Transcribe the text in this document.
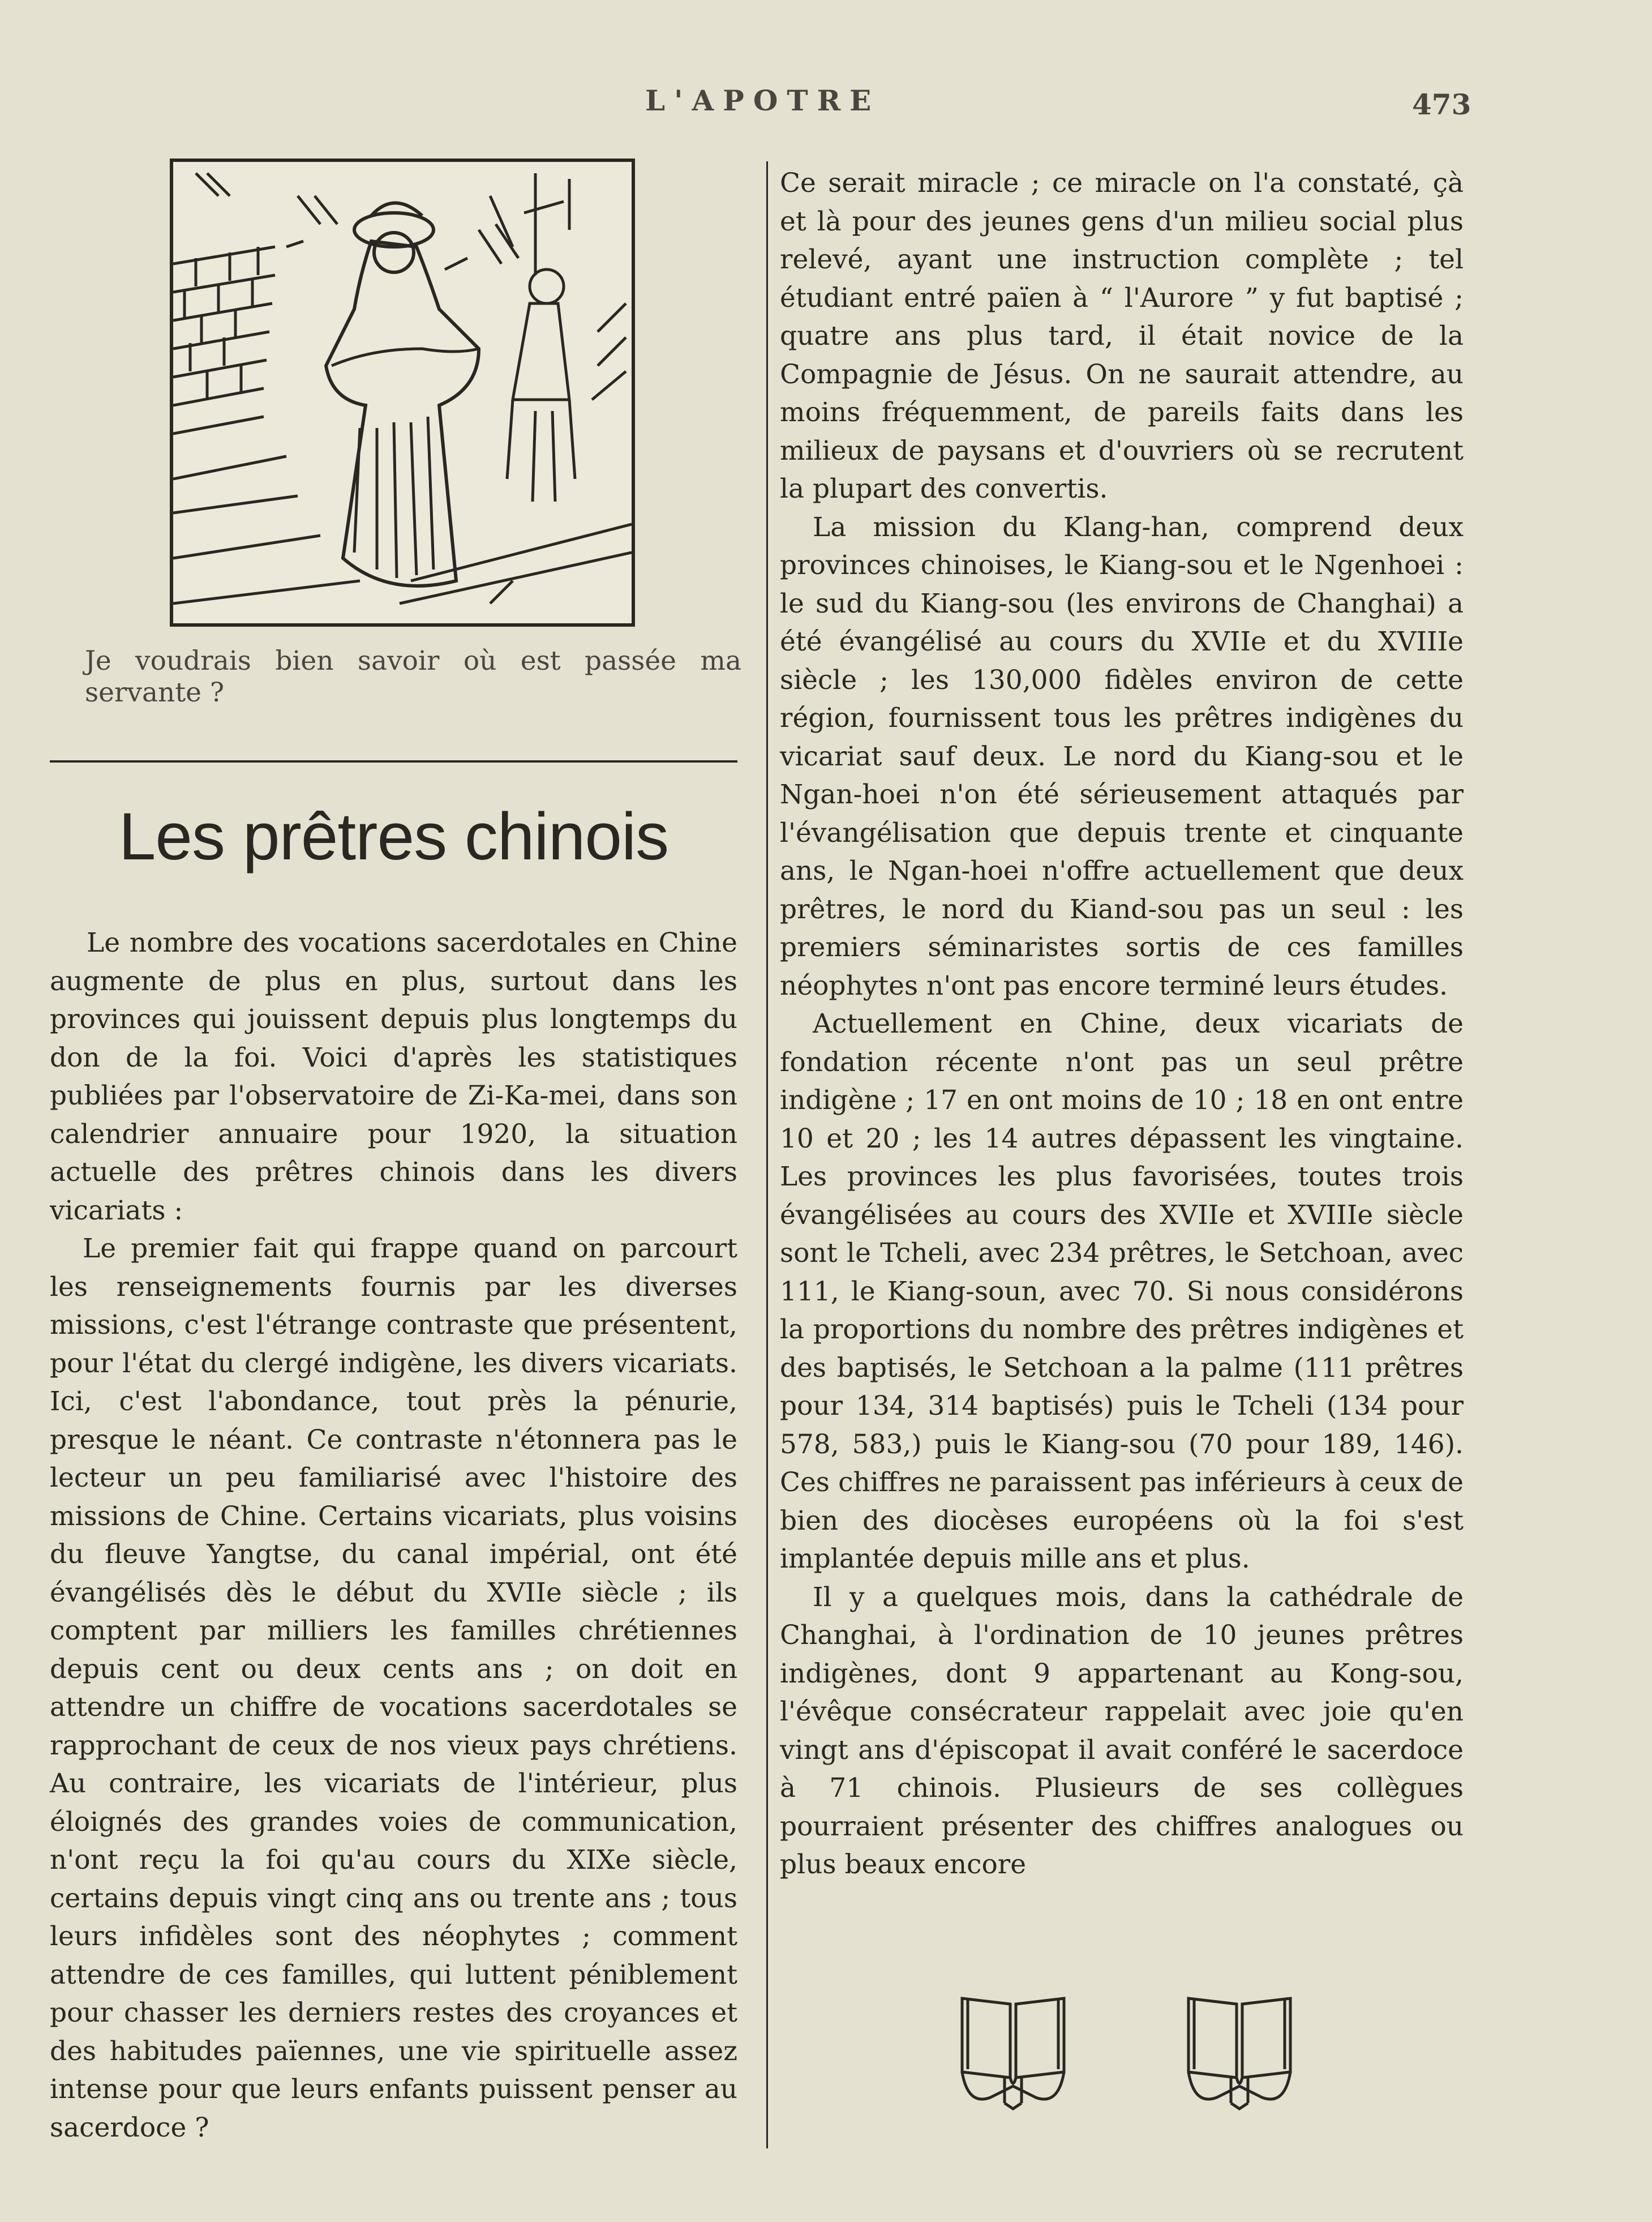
L'APOTRE	473
Je voudrais bien savoir où est passée ma servante ?
Les prêtres chinois

Le nombre des vocations sacerdotales en Chine augmente de plus en plus, surtout dans les provinces qui jouissent depuis plus longtemps du don de la foi. Voici d'après les statistiques publiées par l'observatoire de Zi-Ka-mei, dans son calendrier annuaire pour 1920, la situation actuelle des prêtres chinois dans les divers vicariats :

Le premier fait qui frappe quand on parcourt les renseignements fournis par les diverses missions, c'est l'étrange contraste que présentent, pour l'état du clergé indigène, les divers vicariats. Ici, c'est l'abondance, tout près la pénurie, presque le néant. Ce contraste n'étonnera pas le lecteur un peu familiarisé avec l'histoire des missions de Chine. Certains vicariats, plus voisins du fleuve Yangtse, du canal impérial, ont été évangélisés dès le début du XVIIe siècle ; ils comptent par milliers les familles chrétiennes depuis cent ou deux cents ans ; on doit en attendre un chiffre de vocations sacerdotales se rapprochant de ceux de nos vieux pays chrétiens. Au contraire, les vicariats de l'intérieur, plus éloignés des grandes voies de communication, n'ont reçu la foi qu'au cours du XIXe siècle, certains depuis vingt cinq ans ou trente ans ; tous leurs infidèles sont des néophytes ; comment attendre de ces familles, qui luttent péniblement pour chasser les derniers restes des croyances et des habitudes païennes, une vie spirituelle assez intense pour que leurs enfants puissent penser au sacerdoce ?

Ce serait miracle ; ce miracle on l'a constaté, çà et là pour des jeunes gens d'un milieu social plus relevé, ayant une instruction complète ; tel étudiant entré païen à “ l'Aurore ” y fut baptisé ; quatre ans plus tard, il était novice de la Compagnie de Jésus. On ne saurait attendre, au moins fréquemment, de pareils faits dans les milieux de paysans et d'ouvriers où se recrutent la plupart des convertis.

La mission du Klang-han, comprend deux provinces chinoises, le Kiang-sou et le Ngenhoei : le sud du Kiang-sou (les environs de Changhai) a été évangélisé au cours du XVIIe et du XVIIIe siècle ; les 130,000 fidèles environ de cette région, fournissent tous les prêtres indigènes du vicariat sauf deux. Le nord du Kiang-sou et le Ngan-hoei n'on été sérieusement attaqués par l'évangélisation que depuis trente et cinquante ans, le Ngan-hoei n'offre actuellement que deux prêtres, le nord du Kiand-sou pas un seul : les premiers séminaristes sortis de ces familles néophytes n'ont pas encore terminé leurs études.

Actuellement en Chine, deux vicariats de fondation récente n'ont pas un seul prêtre indigène ; 17 en ont moins de 10 ; 18 en ont entre 10 et 20 ; les 14 autres dépassent les vingtaine. Les provinces les plus favorisées, toutes trois évangélisées au cours des XVIIe et XVIIIe siècle sont le Tcheli, avec 234 prêtres, le Setchoan, avec 111, le Kiang-soun, avec 70. Si nous considérons la proportions du nombre des prêtres indigènes et des baptisés, le Setchoan a la palme (111 prêtres pour 134, 314 baptisés) puis le Tcheli (134 pour 578, 583,) puis le Kiang-sou (70 pour 189, 146). Ces chiffres ne paraissent pas inférieurs à ceux de bien des diocèses européens où la foi s'est implantée depuis mille ans et plus.

Il y a quelques mois, dans la cathédrale de Changhai, à l'ordination de 10 jeunes prêtres indigènes, dont 9 appartenant au Kong-sou, l'évêque consécrateur rappelait avec joie qu'en vingt ans d'épiscopat il avait conféré le sacerdoce à 71 chinois. Plusieurs de ses collègues pourraient présenter des chiffres analogues ou plus beaux encore
